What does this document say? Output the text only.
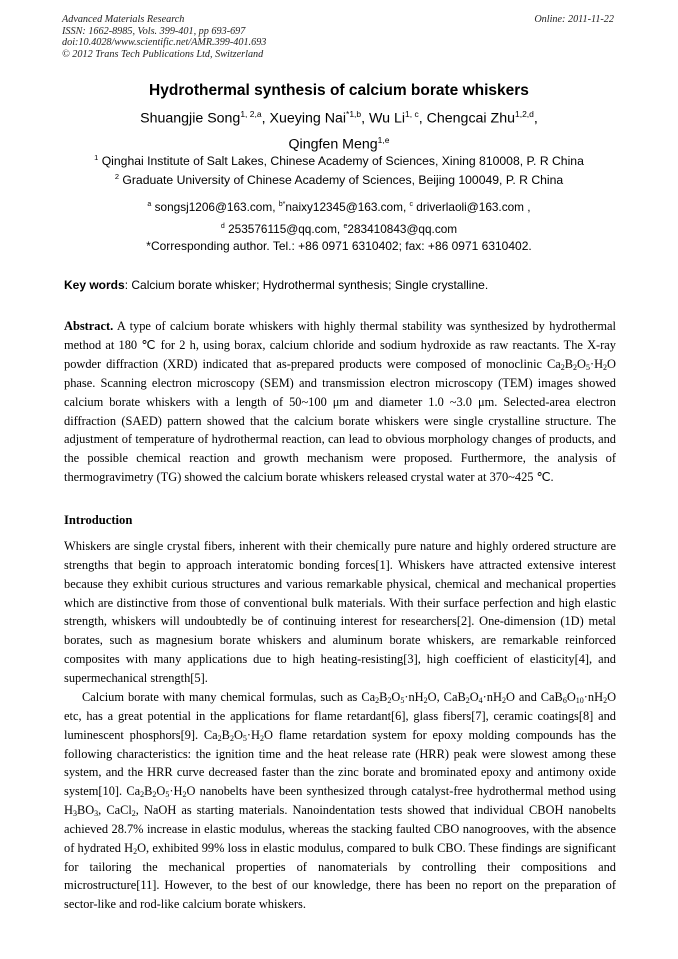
Advanced Materials Research
ISSN: 1662-8985, Vols. 399-401, pp 693-697
doi:10.4028/www.scientific.net/AMR.399-401.693
© 2012 Trans Tech Publications Ltd, Switzerland
Online: 2011-11-22
Hydrothermal synthesis of calcium borate whiskers
Shuangjie Song$^{1, 2,a}$, Xueying Nai$^{*1,b}$, Wu Li$^{1, c}$, Chengcai Zhu$^{1,2,d}$,
Qingfen Meng$^{1,e}$
$^1$ Qinghai Institute of Salt Lakes, Chinese Academy of Sciences, Xining 810008, P. R China
$^2$ Graduate University of Chinese Academy of Sciences, Beijing 100049, P. R China
$^a$ songsj1206@163.com, $^{b*}$naixy12345@163.com, $^c$ driverlaoli@163.com ,
$^d$ 253576115@qq.com, $^e$283410843@qq.com
*Corresponding author. Tel.: +86 0971 6310402; fax: +86 0971 6310402.
Key words: Calcium borate whisker; Hydrothermal synthesis; Single crystalline.
Abstract. A type of calcium borate whiskers with highly thermal stability was synthesized by hydrothermal method at 180 ℃ for 2 h, using borax, calcium chloride and sodium hydroxide as raw reactants. The X-ray powder diffraction (XRD) indicated that as-prepared products were composed of monoclinic $Ca_2B_2O_5\cdot H_2O$ phase. Scanning electron microscopy (SEM) and transmission electron microscopy (TEM) images showed calcium borate whiskers with a length of 50~100 μm and diameter 1.0 ~3.0 μm. Selected-area electron diffraction (SAED) pattern showed that the calcium borate whiskers were single crystalline structure. The adjustment of temperature of hydrothermal reaction, can lead to obvious morphology changes of products, and the possible chemical reaction and growth mechanism were proposed. Furthermore, the analysis of thermogravimetry (TG) showed the calcium borate whiskers released crystal water at 370~425 ℃.
Introduction
Whiskers are single crystal fibers, inherent with their chemically pure nature and highly ordered structure are strengths that begin to approach interatomic bonding forces[1]. Whiskers have attracted extensive interest because they exhibit curious structures and various remarkable physical, chemical and mechanical properties which are distinctive from those of conventional bulk materials. With their surface perfection and high elastic strength, whiskers will undoubtedly be of continuing interest for researchers[2]. One-dimension (1D) metal borates, such as magnesium borate whiskers and aluminum borate whiskers, are remarkable reinforced composites with many applications due to high heating-resisting[3], high coefficient of elasticity[4], and supermechanical strength[5].
Calcium borate with many chemical formulas, such as $Ca_2B_2O_5\cdot nH_2O$, $CaB_2O_4\cdot nH_2O$ and $CaB_6O_{10}\cdot nH_2O$ etc, has a great potential in the applications for flame retardant[6], glass fibers[7], ceramic coatings[8] and luminescent phosphors[9]. $Ca_2B_2O_5\cdot H_2O$ flame retardation system for epoxy molding compounds has the following characteristics: the ignition time and the heat release rate (HRR) peak were slowest among these system, and the HRR curve decreased faster than the zinc borate and brominated epoxy and antimony oxide system[10]. $Ca_2B_2O_5\cdot H_2O$ nanobelts have been synthesized through catalyst-free hydrothermal method using $H_3BO_3$, CaCl$_2$, NaOH as starting materials. Nanoindentation tests showed that individual CBOH nanobelts achieved 28.7% increase in elastic modulus, whereas the stacking faulted CBO nanogrooves, with the absence of hydrated $H_2O$, exhibited 99% loss in elastic modulus, compared to bulk CBO. These findings are significant for tailoring the mechanical properties of nanomaterials by controlling their compositions and microstructure[11]. However, to the best of our knowledge, there has been no report on the preparation of sector-like and rod-like calcium borate whiskers.
